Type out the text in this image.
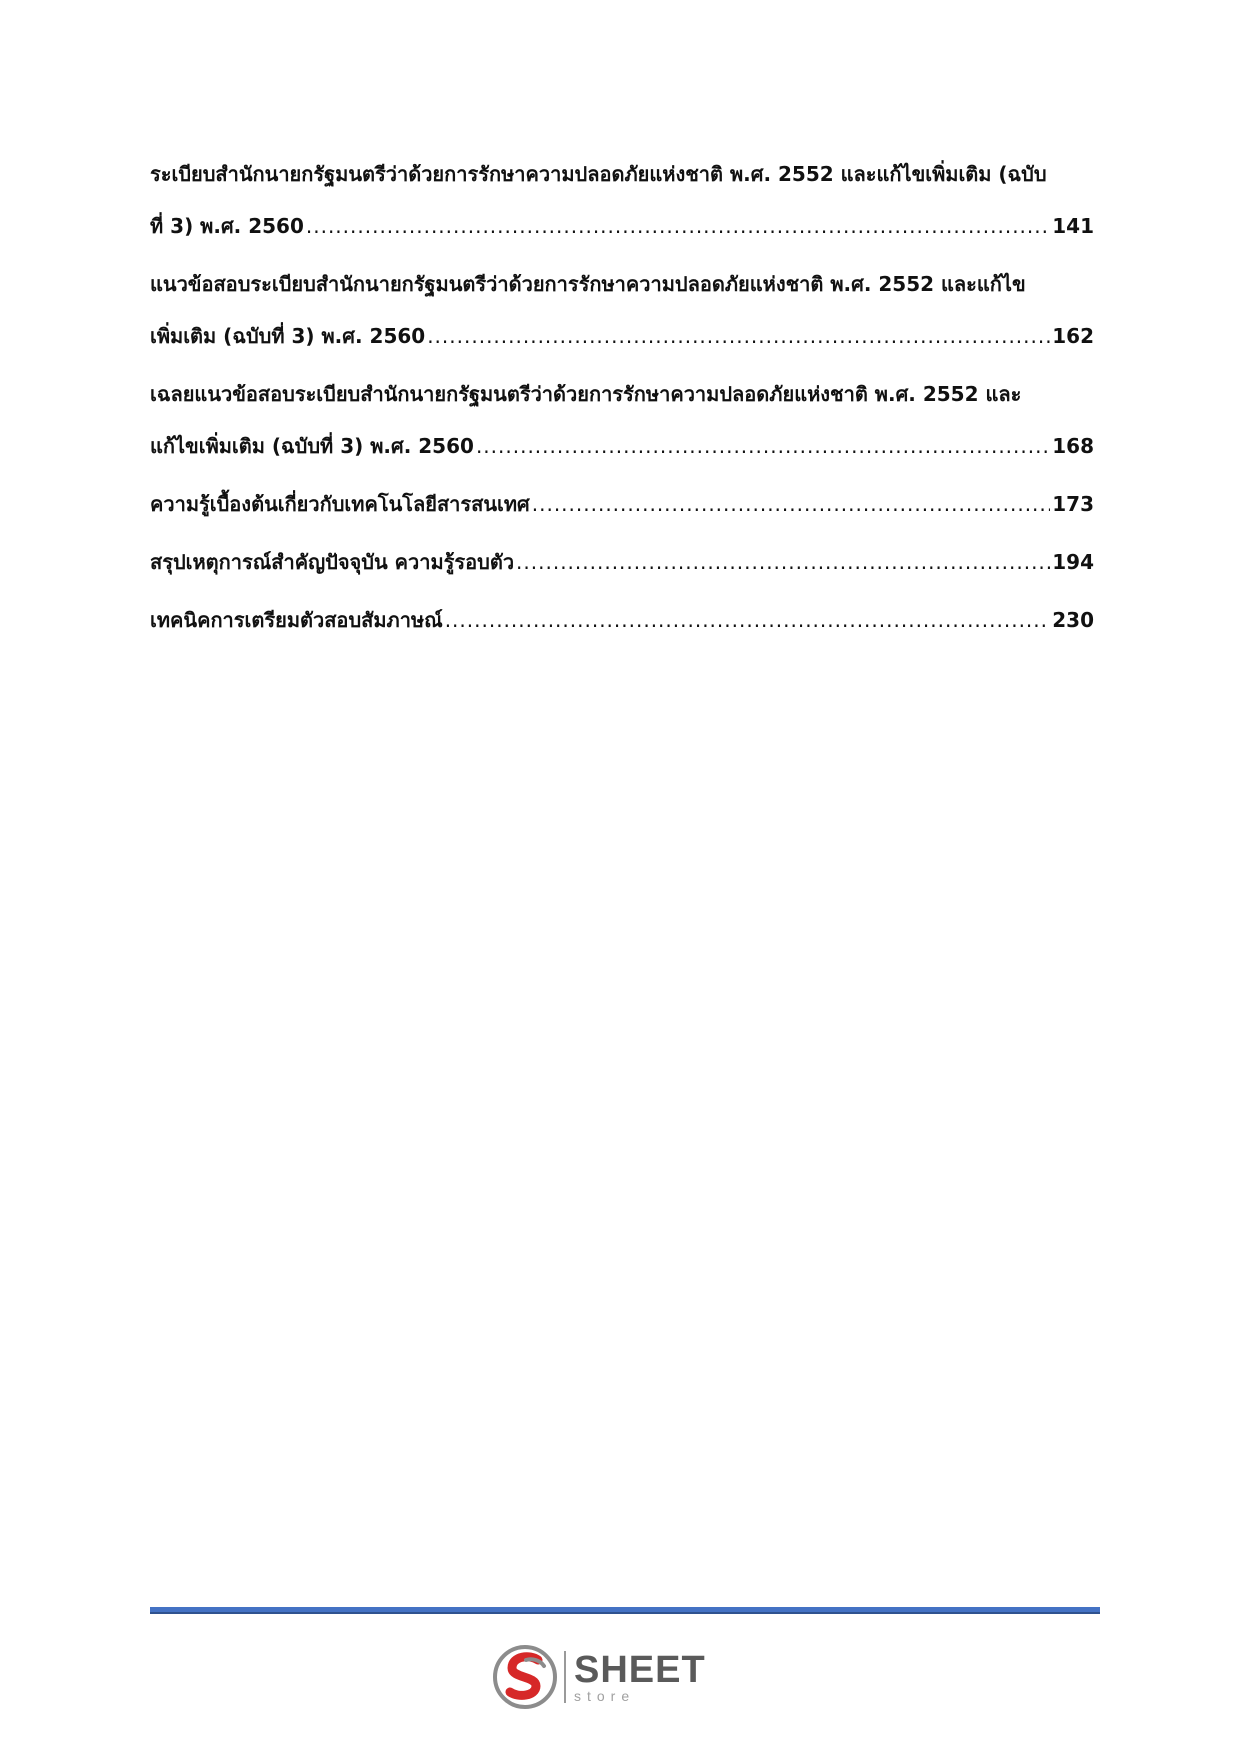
ระเบียบสำนักนายกรัฐมนตรีว่าด้วยการรักษาความปลอดภัยแห่งชาติ พ.ศ. 2552 และแก้ไขเพิ่มเติม (ฉบับ
ที่ 3) พ.ศ. 2560 .....	141
แนวข้อสอบระเบียบสำนักนายกรัฐมนตรีว่าด้วยการรักษาความปลอดภัยแห่งชาติ พ.ศ. 2552 และแก้ไข
เพิ่มเติม (ฉบับที่ 3) พ.ศ. 2560 .....	162
เฉลยแนวข้อสอบระเบียบสำนักนายกรัฐมนตรีว่าด้วยการรักษาความปลอดภัยแห่งชาติ พ.ศ. 2552 และ
แก้ไขเพิ่มเติม (ฉบับที่ 3) พ.ศ. 2560 .....	168
ความรู้เบื้องต้นเกี่ยวกับเทคโนโลยีสารสนเทศ .....	173
สรุปเหตุการณ์สำคัญปัจจุบัน ความรู้รอบตัว .....	194
เทคนิคการเตรียมตัวสอบสัมภาษณ์ .....	230
SHEET
store
